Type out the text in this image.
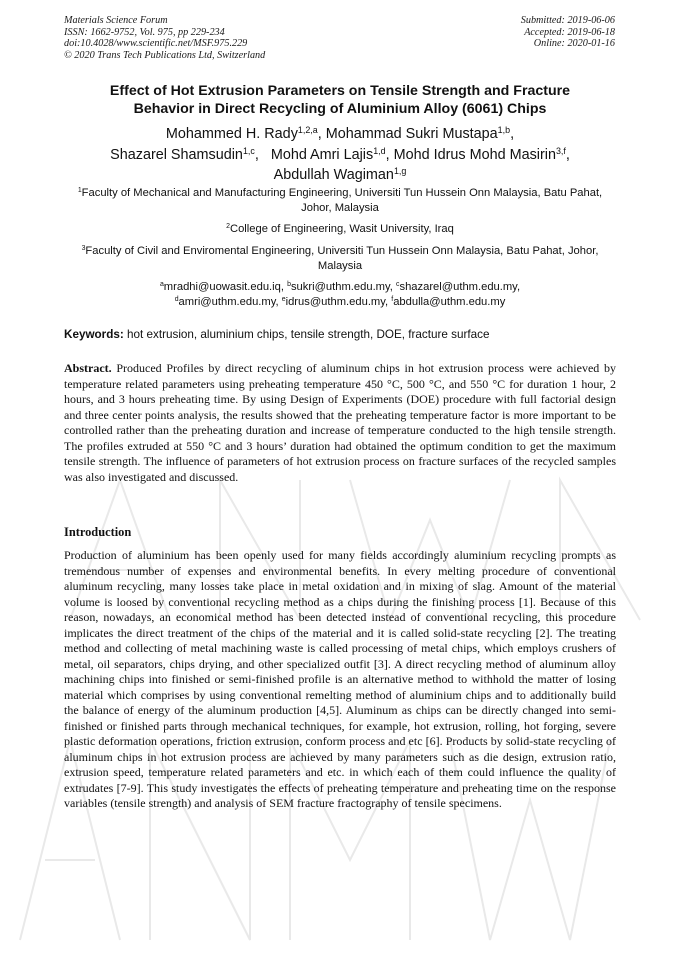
Materials Science Forum
ISSN: 1662-9752, Vol. 975, pp 229-234
doi:10.4028/www.scientific.net/MSF.975.229
© 2020 Trans Tech Publications Ltd, Switzerland
Submitted: 2019-06-06
Accepted: 2019-06-18
Online: 2020-01-16
Effect of Hot Extrusion Parameters on Tensile Strength and Fracture
Behavior in Direct Recycling of Aluminium Alloy (6061) Chips
Mohammed H. Rady$^{1,2,a}$, Mohammad Sukri Mustapa$^{1,b}$,
Shazarel Shamsudin$^{1,c}$,   Mohd Amri Lajis$^{1,d}$, Mohd Idrus Mohd Masirin$^{3,f}$,
Abdullah Wagiman$^{1,g}$
$^1$Faculty of Mechanical and Manufacturing Engineering, Universiti Tun Hussein Onn Malaysia, Batu Pahat, Johor, Malaysia
$^2$College of Engineering, Wasit University, Iraq
$^3$Faculty of Civil and Enviromental Engineering, Universiti Tun Hussein Onn Malaysia, Batu Pahat, Johor, Malaysia
$^a$mradhi@uowasit.edu.iq, $^b$sukri@uthm.edu.my, $^c$shazarel@uthm.edu.my,
$^d$amri@uthm.edu.my, $^e$idrus@uthm.edu.my, $^f$abdulla@uthm.edu.my
Keywords: hot extrusion, aluminium chips, tensile strength, DOE, fracture surface
Abstract. Produced Profiles by direct recycling of aluminum chips in hot extrusion process were achieved by temperature related parameters using preheating temperature 450 °C, 500 °C, and 550 °C for duration 1 hour, 2 hours, and 3 hours preheating time. By using Design of Experiments (DOE) procedure with full factorial design and three center points analysis, the results showed that the preheating temperature factor is more important to be controlled rather than the preheating duration and increase of temperature conducted to the high tensile strength. The profiles extruded at 550 °C and 3 hours’ duration had obtained the optimum condition to get the maximum tensile strength. The influence of parameters of hot extrusion process on fracture surfaces of the recycled samples was also investigated and discussed.
Introduction
Production of aluminium has been openly used for many fields accordingly aluminium recycling prompts as tremendous number of expenses and environmental benefits. In every melting procedure of conventional aluminum recycling, many losses take place in metal oxidation and in mixing of slag. Amount of the material volume is loosed by conventional recycling method as a chips during the finishing process [1]. Because of this reason, nowadays, an economical method has been detected instead of conventional recycling, this procedure implicates the direct treatment of the chips of the material and it is called solid-state recycling [2]. The treating method and collecting of metal machining waste is called processing of metal chips, which employs crushers of metal, oil separators, chips drying, and other specialized outfit [3]. A direct recycling method of aluminum alloy machining chips into finished or semi-finished profile is an alternative method to withhold the matter of losing material which comprises by using conventional remelting method of aluminium chips and to additionally build the balance of energy of the aluminum production [4,5]. Aluminum as chips can be directly changed into semi-finished or finished parts through mechanical techniques, for example, hot extrusion, rolling, hot forging, severe plastic deformation operations, friction extrusion, conform process and etc [6]. Products by solid-state recycling of aluminum chips in hot extrusion process are achieved by many parameters such as die design, extrusion ratio, extrusion speed, temperature related parameters and etc. in which each of them could influence the quality of extrudates [7-9]. This study investigates the effects of preheating temperature and preheating time on the response variables (tensile strength) and analysis of SEM fracture fractography of tensile specimens.
